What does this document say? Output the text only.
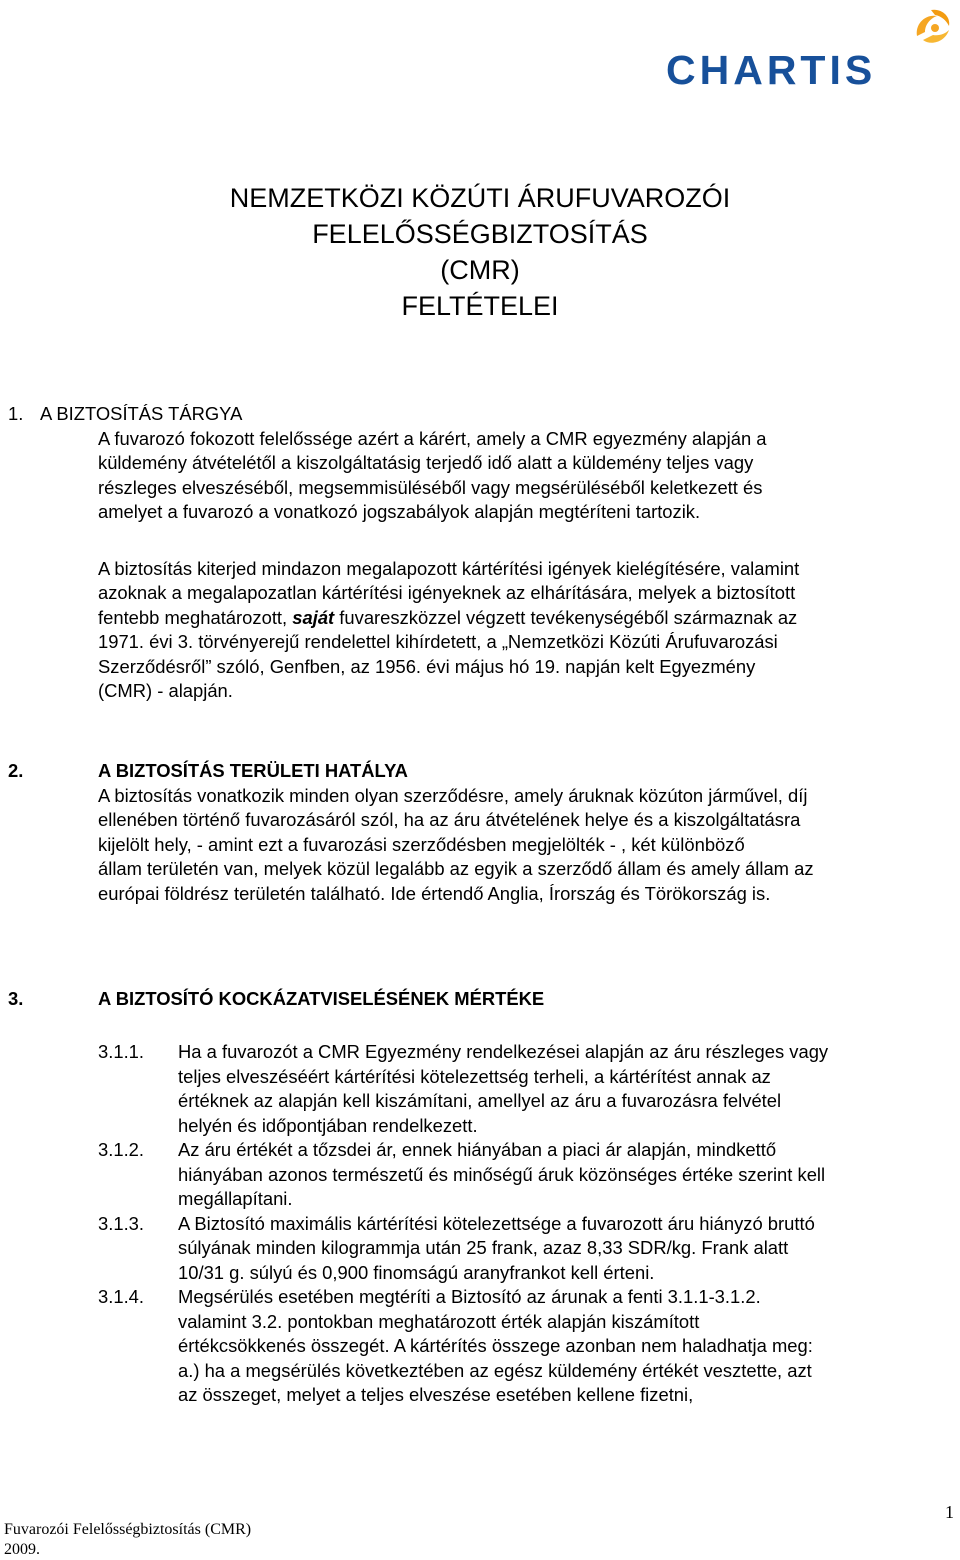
CHARTIS
NEMZETKÖZI KÖZÚTI ÁRUFUVAROZÓI
FELELŐSSÉGBIZTOSÍTÁS
(CMR)
FELTÉTELEI

1. A BIZTOSÍTÁS TÁRGYA

A fuvarozó fokozott felelőssége azért a kárért, amely a CMR egyezmény alapján a

küldemény átvételétől a kiszolgáltatásig terjedő idő alatt a küldemény teljes vagy

részleges elveszéséből, megsemmisüléséből vagy megsérüléséből keletkezett és

amelyet a fuvarozó a vonatkozó jogszabályok alapján megtéríteni tartozik.

A biztosítás kiterjed mindazon megalapozott kártérítési igények kielégítésére, valamint

azoknak a megalapozatlan kártérítési igényeknek az elhárítására, melyek a biztosított

fentebb meghatározott, saját fuvareszközzel végzett tevékenységéből származnak az

1971. évi 3. törvényerejű rendelettel kihírdetett, a „Nemzetközi Közúti Árufuvarozási

Szerződésről” szóló, Genfben, az 1956. évi május hó 19. napján kelt Egyezmény

(CMR) - alapján.

2.	A BIZTOSÍTÁS TERÜLETI HATÁLYA

A biztosítás vonatkozik minden olyan szerződésre, amely áruknak közúton járművel, díj

ellenében történő fuvarozásáról szól, ha az áru átvételének helye és a kiszolgáltatásra

kijelölt hely, - amint ezt a fuvarozási szerződésben megjelölték - , két különböző

állam területén van, melyek közül legalább az egyik a szerződő állam és amely állam az

európai földrész területén található. Ide értendő Anglia, Írország és Törökország is.

3.	A BIZTOSÍTÓ KOCKÁZATVISELÉSÉNEK MÉRTÉKE

3.1.1. Ha a fuvarozót a CMR Egyezmény rendelkezései alapján az áru részleges vagy

teljes elveszéséért kártérítési kötelezettség terheli, a kártérítést annak az

értéknek az alapján kell kiszámítani, amellyel az áru a fuvarozásra felvétel

helyén és időpontjában rendelkezett.

3.1.2. Az áru értékét a tőzsdei ár, ennek hiányában a piaci ár alapján, mindkettő

hiányában azonos természetű és minőségű áruk közönséges értéke szerint kell

megállapítani.

3.1.3. A Biztosító maximális kártérítési kötelezettsége a fuvarozott áru hiányzó bruttó

súlyának minden kilogrammja után 25 frank, azaz 8,33 SDR/kg. Frank alatt

10/31 g. súlyú és 0,900 finomságú aranyfrankot kell érteni.

3.1.4. Megsérülés esetében megtéríti a Biztosító az árunak a fenti 3.1.1-3.1.2.

valamint 3.2. pontokban meghatározott érték alapján kiszámított

értékcsökkenés összegét. A kártérítés összege azonban nem haladhatja meg:

a.) ha a megsérülés következtében az egész küldemény értékét vesztette, azt

az összeget, melyet a teljes elveszése esetében kellene fizetni,

Fuvarozói Felelősségbiztosítás (CMR)
2009.
1
